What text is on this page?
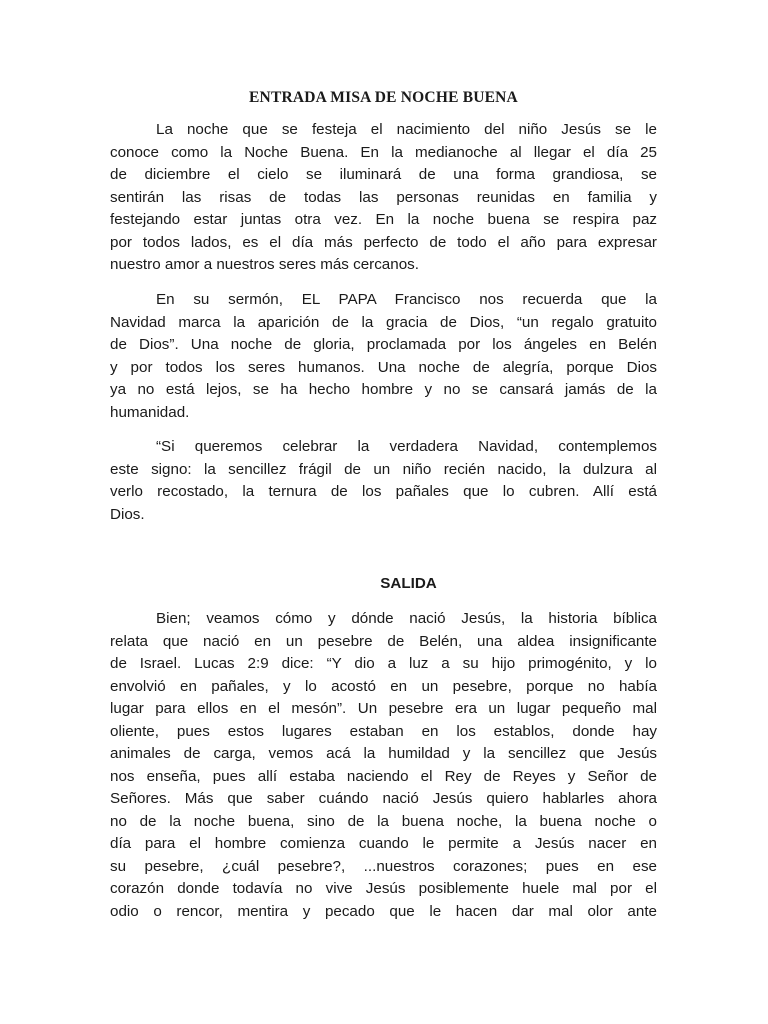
ENTRADA MISA DE NOCHE BUENA
La noche que se festeja el nacimiento del niño Jesús se le
conoce como la Noche Buena. En la medianoche al llegar el día 25
de diciembre el cielo se iluminará de una forma grandiosa, se
sentirán las risas de todas las personas reunidas en familia y
festejando estar juntas otra vez. En la noche buena se respira paz
por todos lados, es el día más perfecto de todo el año para expresar
nuestro amor a nuestros seres más cercanos.
En su sermón, EL PAPA Francisco nos recuerda que la
Navidad marca la aparición de la gracia de Dios, “un regalo gratuito
de Dios”. Una noche de gloria, proclamada por los ángeles en Belén
y por todos los seres humanos. Una noche de alegría, porque Dios
ya no está lejos, se ha hecho hombre y no se cansará jamás de la
humanidad.
“Si queremos celebrar la verdadera Navidad, contemplemos
este signo: la sencillez frágil de un niño recién nacido, la dulzura al
verlo recostado, la ternura de los pañales que lo cubren. Allí está
Dios.
SALIDA
Bien; veamos cómo y dónde nació Jesús, la historia bíblica
relata que nació en un pesebre de Belén, una aldea insignificante
de Israel. Lucas 2:9 dice: “Y dio a luz a su hijo primogénito, y lo
envolvió en pañales, y lo acostó en un pesebre, porque no había
lugar para ellos en el mesón”. Un pesebre era un lugar pequeño mal
oliente, pues estos lugares estaban en los establos, donde hay
animales de carga, vemos acá la humildad y la sencillez que Jesús
nos enseña, pues allí estaba naciendo el Rey de Reyes y Señor de
Señores. Más que saber cuándo nació Jesús quiero hablarles ahora
no de la noche buena, sino de la buena noche, la buena noche o
día para el hombre comienza cuando le permite a Jesús nacer en
su pesebre, ¿cuál pesebre?, ...nuestros corazones; pues en ese
corazón donde todavía no vive Jesús posiblemente huele mal por el
odio o rencor, mentira y pecado que le hacen dar mal olor ante
